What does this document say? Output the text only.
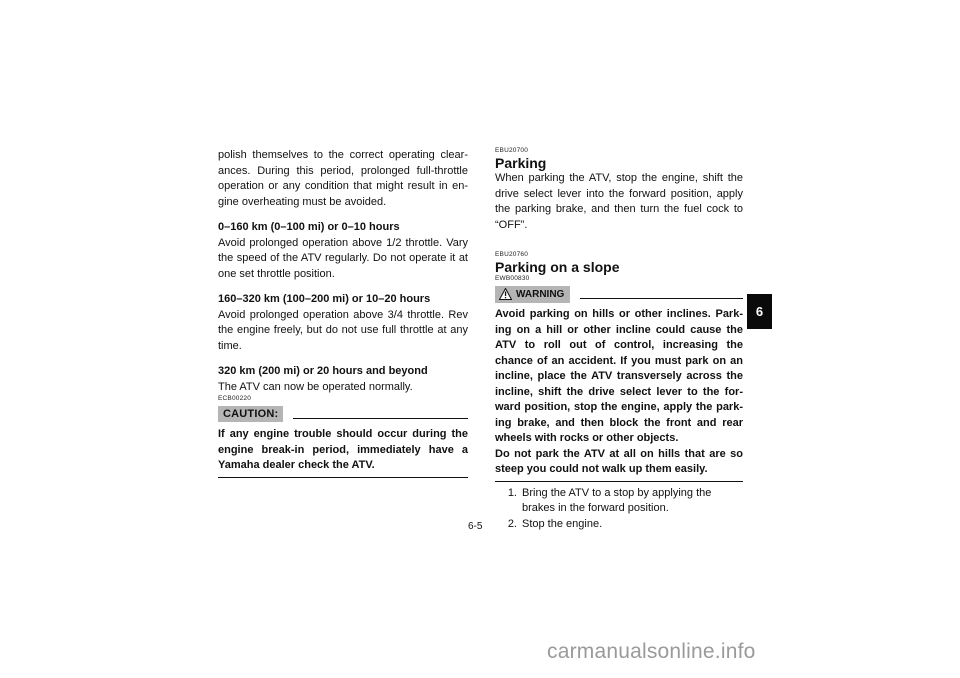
polish themselves to the correct operating clear-ances. During this period, prolonged full-throttle operation or any condition that might result in en-gine overheating must be avoided.

0–160 km (0–100 mi) or 0–10 hours

Avoid prolonged operation above 1/2 throttle. Vary the speed of the ATV regularly. Do not operate it at one set throttle position.

160–320 km (100–200 mi) or 10–20 hours

Avoid prolonged operation above 3/4 throttle. Rev the engine freely, but do not use full throttle at any time.

320 km (200 mi) or 20 hours and beyond

The ATV can now be operated normally.

ECB00220
CAUTION:

If any engine trouble should occur during the engine break-in period, immediately have a Yamaha dealer check the ATV.

EBU20700
Parking

When parking the ATV, stop the engine, shift the drive select lever into the forward position, apply the parking brake, and then turn the fuel cock to “OFF”.

EBU20760
Parking on a slope
EWB00830
WARNING

Avoid parking on hills or other inclines. Park-ing on a hill or other incline could cause the ATV to roll out of control, increasing the chance of an accident. If you must park on an incline, place the ATV transversely across the incline, shift the drive select lever to the for-ward position, stop the engine, apply the park-ing brake, and then block the front and rear wheels with rocks or other objects.

Do not park the ATV at all on hills that are so steep you could not walk up them easily.

1. Bring the ATV to a stop by applying the brakes in the forward position.
2. Stop the engine.
6
6-5
carmanualsonline.info
